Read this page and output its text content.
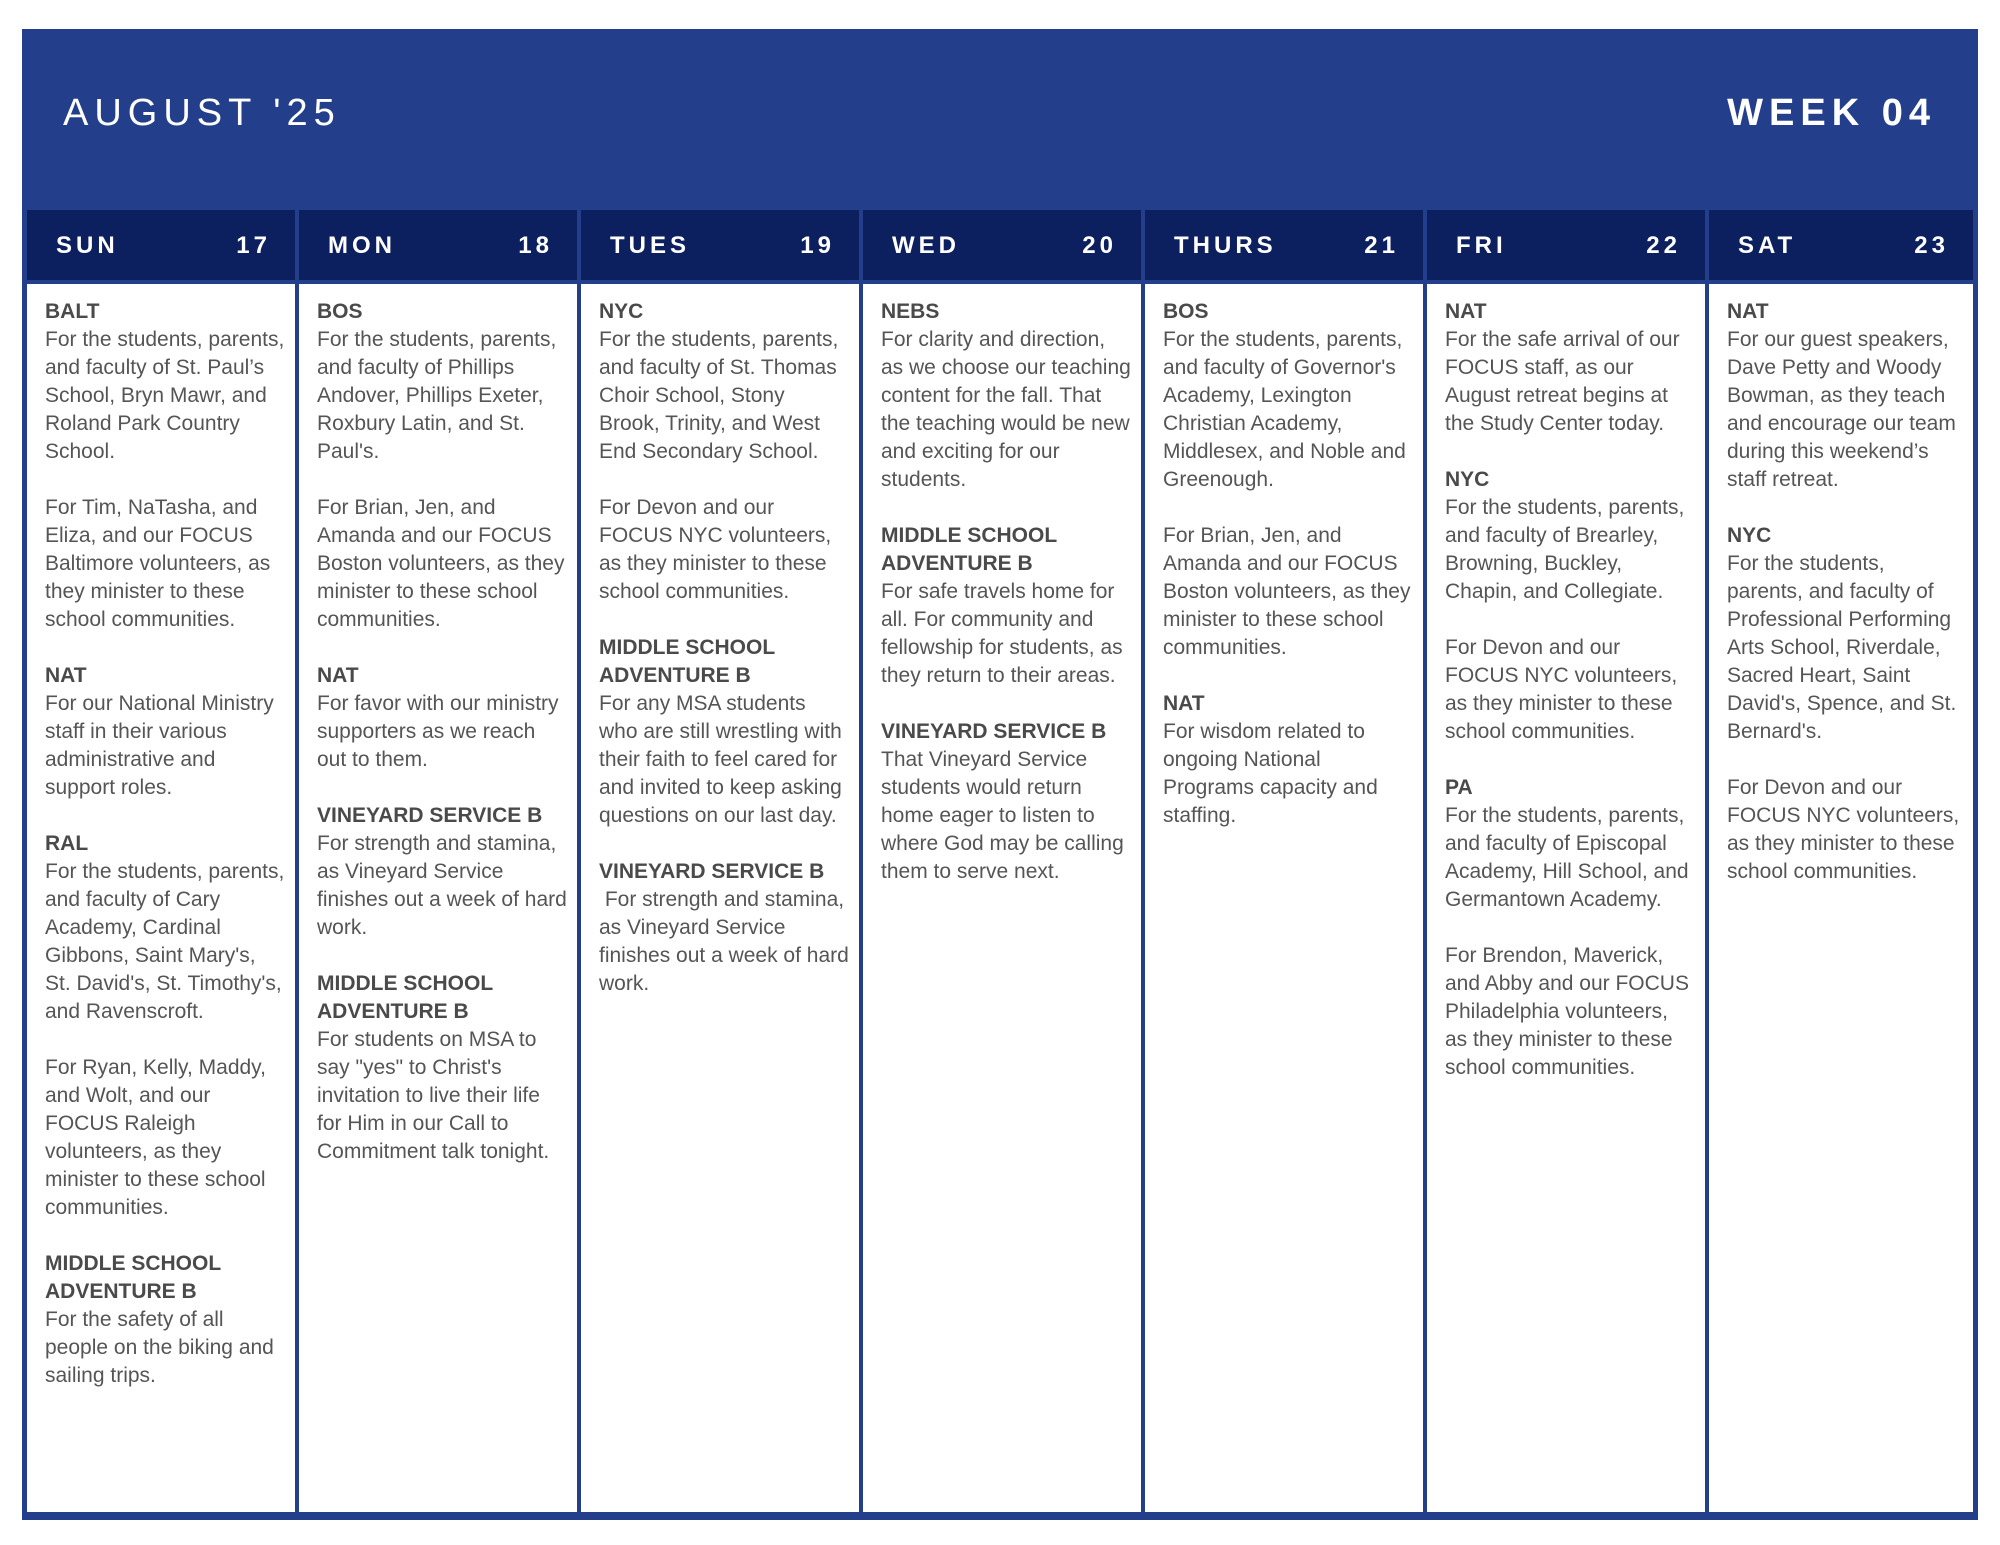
AUGUST '25	WEEK 04
SUN	17
BALT
For the students, parents, and faculty of St. Paul’s School, Bryn Mawr, and Roland Park Country School.
For Tim, NaTasha, and Eliza, and our FOCUS Baltimore volunteers, as they minister to these school communities.
NAT
For our National Ministry staff in their various administrative and support roles.
RAL
For the students, parents, and faculty of Cary Academy, Cardinal Gibbons, Saint Mary's, St. David's, St. Timothy's, and Ravenscroft.
For Ryan, Kelly, Maddy, and Wolt, and our FOCUS Raleigh volunteers, as they minister to these school communities.
MIDDLE SCHOOL ADVENTURE B
For the safety of all people on the biking and sailing trips.
MON	18
BOS
For the students, parents, and faculty of Phillips Andover, Phillips Exeter, Roxbury Latin, and St. Paul's.
For Brian, Jen, and Amanda and our FOCUS Boston volunteers, as they minister to these school communities.
NAT
For favor with our ministry supporters as we reach out to them.
VINEYARD SERVICE B
For strength and stamina, as Vineyard Service finishes out a week of hard work.
MIDDLE SCHOOL ADVENTURE B
For students on MSA to say "yes" to Christ's invitation to live their life for Him in our Call to Commitment talk tonight.
TUES	19
NYC
For the students, parents, and faculty of St. Thomas Choir School, Stony Brook, Trinity, and West End Secondary School.
For Devon and our FOCUS NYC volunteers, as they minister to these school communities.
MIDDLE SCHOOL ADVENTURE B
For any MSA students who are still wrestling with their faith to feel cared for and invited to keep asking questions on our last day.
VINEYARD SERVICE B
For strength and stamina, as Vineyard Service finishes out a week of hard work.
WED	20
NEBS
For clarity and direction, as we choose our teaching content for the fall. That the teaching would be new and exciting for our students.
MIDDLE SCHOOL ADVENTURE B
For safe travels home for all. For community and fellowship for students, as they return to their areas.
VINEYARD SERVICE B
That Vineyard Service students would return home eager to listen to where God may be calling them to serve next.
THURS	21
BOS
For the students, parents, and faculty of Governor's Academy, Lexington Christian Academy, Middlesex, and Noble and Greenough.
For Brian, Jen, and Amanda and our FOCUS Boston volunteers, as they minister to these school communities.
NAT
For wisdom related to ongoing National Programs capacity and staffing.
FRI	22
NAT
For the safe arrival of our FOCUS staff, as our August retreat begins at the Study Center today.
NYC
For the students, parents, and faculty of Brearley, Browning, Buckley, Chapin, and Collegiate.
For Devon and our FOCUS NYC volunteers, as they minister to these school communities.
PA
For the students, parents, and faculty of Episcopal Academy, Hill School, and Germantown Academy.
For Brendon, Maverick, and Abby and our FOCUS Philadelphia volunteers, as they minister to these school communities.
SAT	23
NAT
For our guest speakers, Dave Petty and Woody Bowman, as they teach and encourage our team during this weekend’s staff retreat.
NYC
For the students, parents, and faculty of Professional Performing Arts School, Riverdale, Sacred Heart, Saint David's, Spence, and St. Bernard's.
For Devon and our FOCUS NYC volunteers, as they minister to these school communities.
